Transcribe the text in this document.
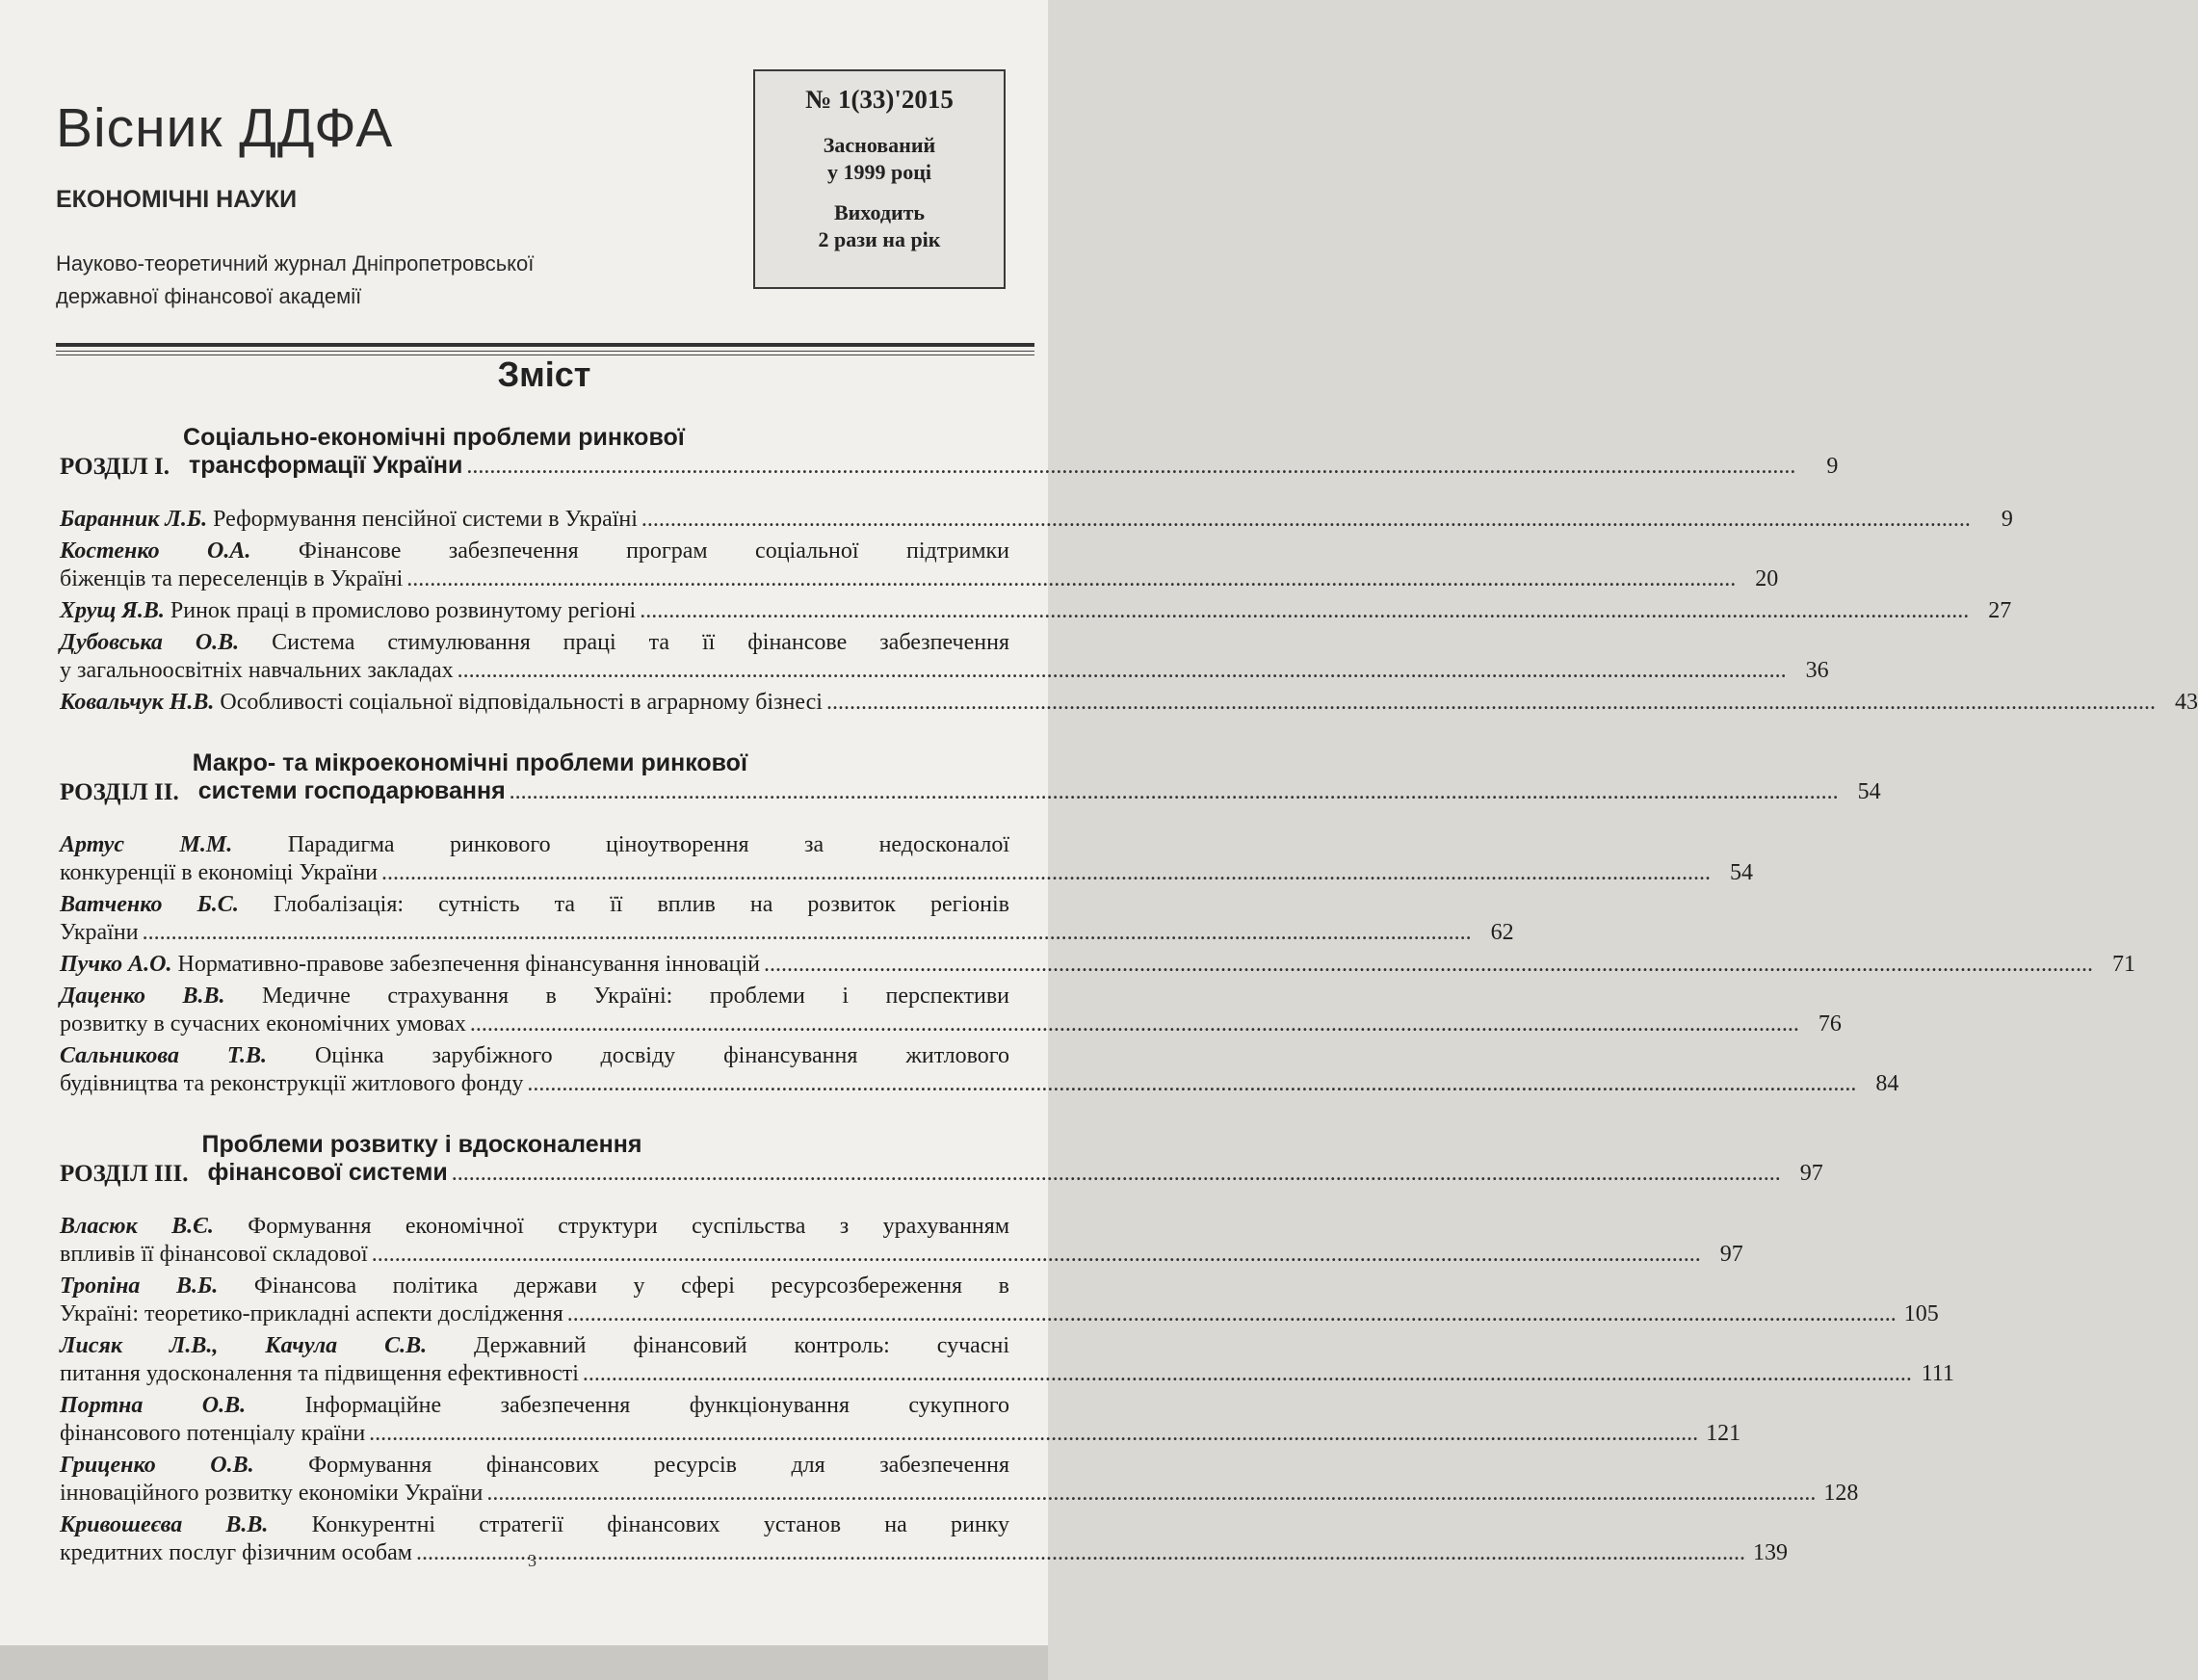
Вісник ДДФА
ЕКОНОМІЧНІ НАУКИ
Науково-теоретичний журнал Дніпропетровської
державної фінансової академії
№ 1(33)'2015
Заснований
у 1999 році
Виходить
2 рази на рік
Зміст
РОЗДІЛ I.
Соціально-економічні проблеми ринкової
трансформації України .....	9
Баранник Л.Б. Реформування пенсійної системи в Україні .....	9
Костенко О.А. Фінансове забезпечення програм соціальної підтримки
біженців та переселенців в Україні .....	20
Хрущ Я.В. Ринок праці в промислово розвинутому регіоні .....	27
Дубовська О.В. Система стимулювання праці та її фінансове забезпечення
у загальноосвітніх навчальних закладах .....	36
Ковальчук Н.В. Особливості соціальної відповідальності в аграрному бізнесі .....	43
РОЗДІЛ II.
Макро- та мікроекономічні проблеми ринкової
системи господарювання .....	54
Артус М.М. Парадигма ринкового ціноутворення за недосконалої
конкуренції в економіці України .....	54
Ватченко Б.С. Глобалізація: сутність та її вплив на розвиток регіонів
України .....	62
Пучко А.О. Нормативно-правове забезпечення фінансування інновацій .....	71
Даценко В.В. Медичне страхування в Україні: проблеми і перспективи
розвитку в сучасних економічних умовах .....	76
Сальникова Т.В. Оцінка зарубіжного досвіду фінансування житлового
будівництва та реконструкції житлового фонду .....	84
РОЗДІЛ III.
Проблеми розвитку і вдосконалення
фінансової системи .....	97
Власюк В.Є. Формування економічної структури суспільства з урахуванням
впливів її фінансової складової .....	97
Тропіна В.Б. Фінансова політика держави у сфері ресурсозбереження в
Україні: теоретико-прикладні аспекти дослідження .....	105
Лисяк Л.В., Качула С.В. Державний фінансовий контроль: сучасні
питання удосконалення та підвищення ефективності .....	111
Портна О.В.	Інформаційне забезпечення функціонування сукупного
фінансового потенціалу країни .....	121
Гриценко О.В. Формування фінансових ресурсів для забезпечення
інноваційного розвитку економіки України .....	128
Кривошеєва В.В. Конкурентні стратегії фінансових установ на ринку
кредитних послуг фізичним особам .....	139
3
